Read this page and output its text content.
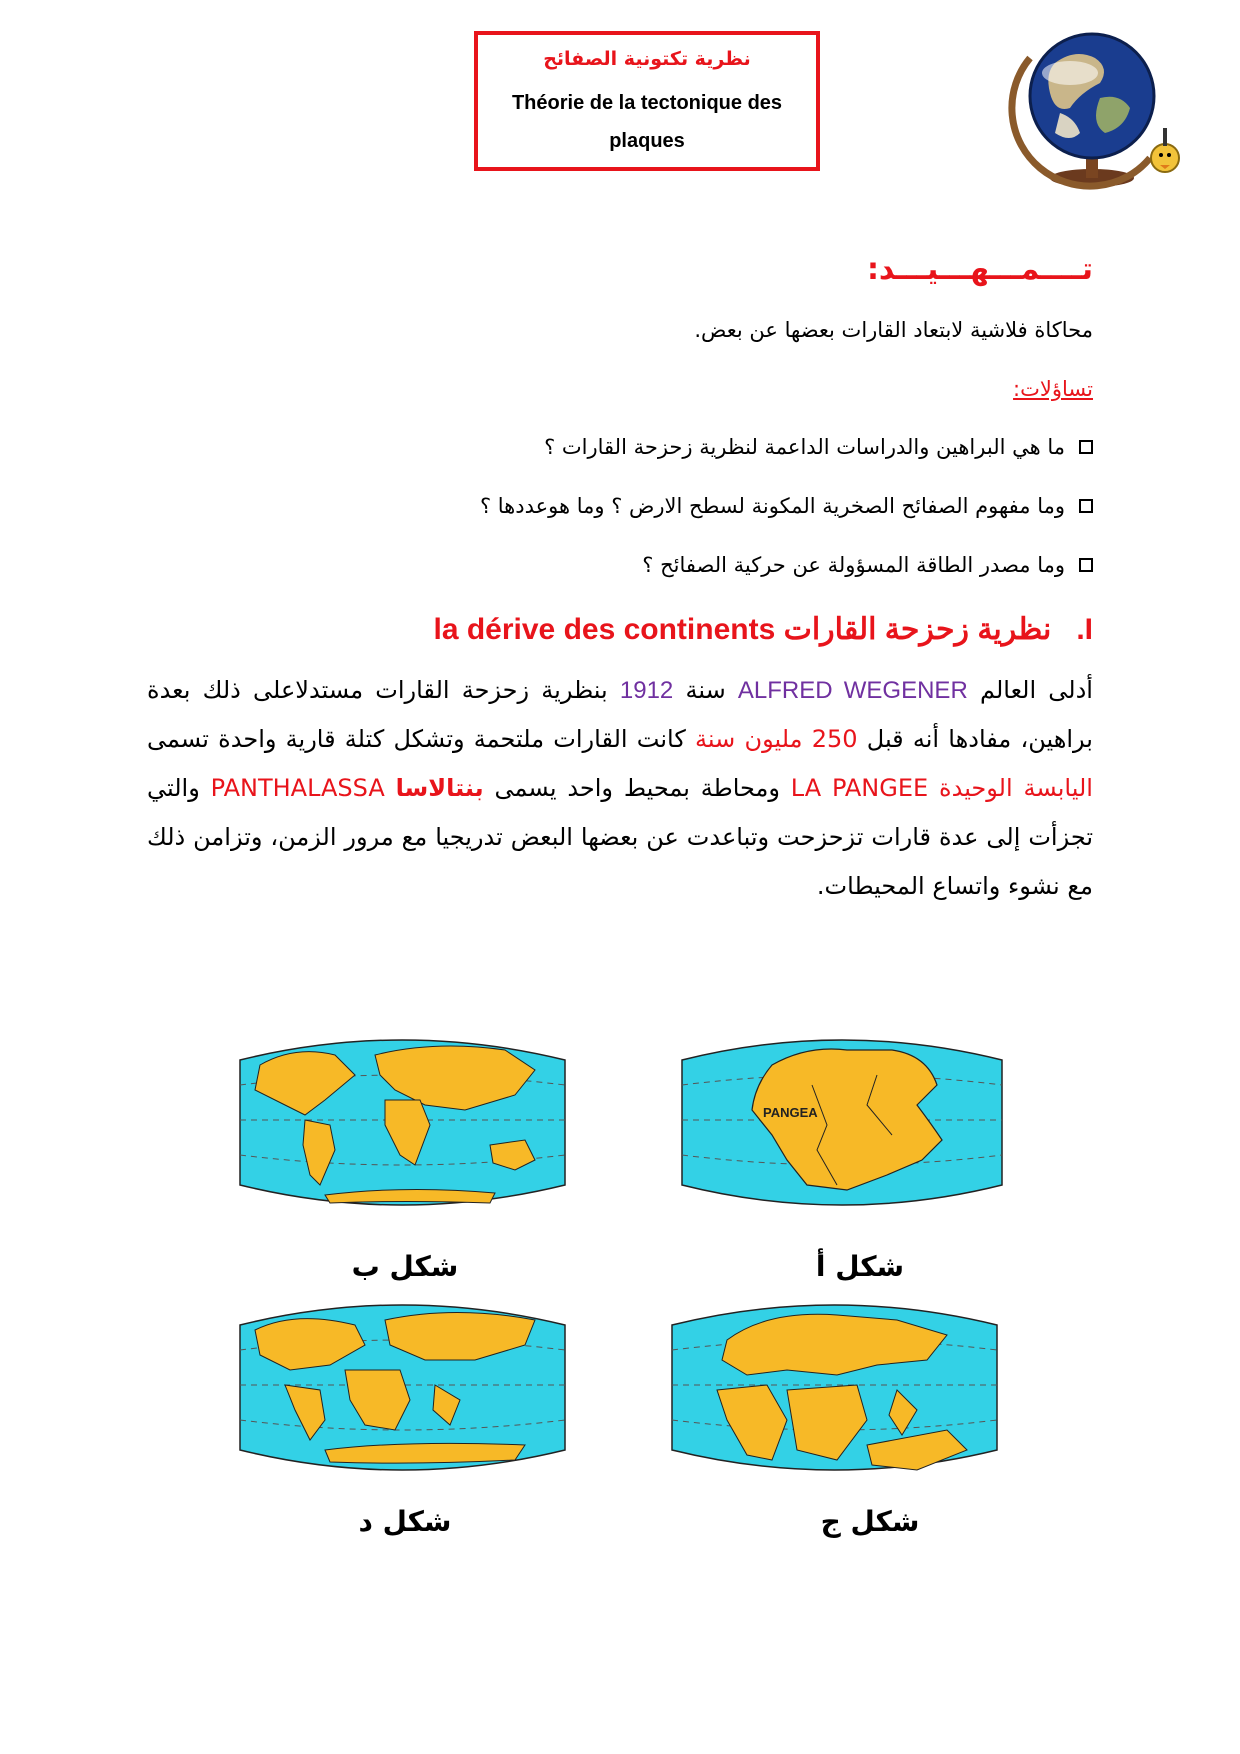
نظرية تكتونية الصفائح
Théorie de la tectonique des plaques
تــــمـــهـــيـــد:
محاكاة فلاشية لابتعاد القارات بعضها عن بعض.
تساؤلات:
ما هي البراهين والدراسات الداعمة لنظرية زحزحة القارات ؟
وما مفهوم الصفائح الصخرية المكونة لسطح الارض ؟ وما هوعددها ؟
وما مصدر الطاقة المسؤولة عن حركية الصفائح ؟
I.   نظرية زحزحة القارات la dérive des continents
أدلى العالم ALFRED WEGENER سنة 1912 بنظرية زحزحة القارات مستدلاعلى ذلك بعدة براهين، مفادها أنه قبل 250 مليون سنة كانت القارات ملتحمة وتشكل كتلة قارية واحدة تسمى اليابسة الوحيدة LA PANGEE ومحاطة بمحيط واحد يسمى بنتالاسا PANTHALASSA والتي تجزأت إلى عدة قارات تزحزحت وتباعدت عن بعضها البعض تدريجيا مع مرور الزمن، وتزامن ذلك مع نشوء واتساع المحيطات.
PANGEA
شكل أ
شكل ب
شكل ج
شكل د
